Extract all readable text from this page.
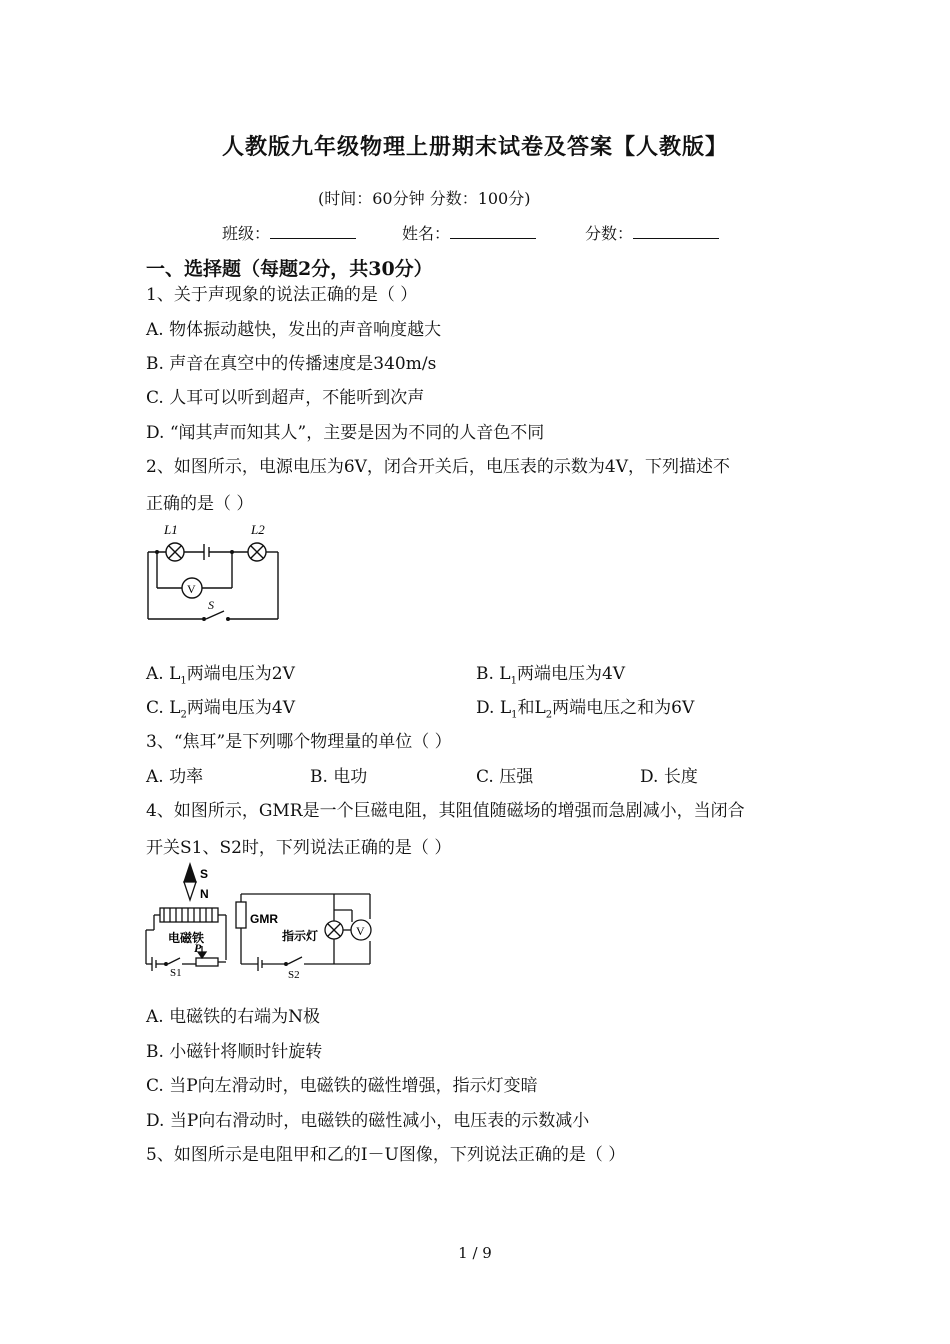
人教版九年级物理上册期末试卷及答案【人教版】
(时间：60分钟 分数：100分)
班级：	姓名：	分数：
一、选择题（每题2分，共30分）
1、关于声现象的说法正确的是（ ）
A. 物体振动越快，发出的声音响度越大
B. 声音在真空中的传播速度是340m/s
C. 人耳可以听到超声，不能听到次声
D. “闻其声而知其人”，主要是因为不同的人音色不同
2、如图所示，电源电压为6V，闭合开关后，电压表的示数为4V，下列描述不
正确的是（ ）
L1	L2
V
S
A. $L_1$两端电压为2V	B. $L_1$两端电压为4V
C. $L_2$两端电压为4V	D. $L_1$和$L_2$两端电压之和为6V
3、“焦耳”是下列哪个物理量的单位（ ）
A. 功率	B. 电功	C. 压强	D. 长度
4、如图所示，GMR是一个巨磁电阻，其阻值随磁场的增强而急剧减小，当闭合
开关S1、S2时，下列说法正确的是（ ）
S
N
电磁铁
P
S1
GMR
指示灯	V
S2
A. 电磁铁的右端为N极
B. 小磁针将顺时针旋转
C. 当P向左滑动时，电磁铁的磁性增强，指示灯变暗
D. 当P向右滑动时，电磁铁的磁性减小，电压表的示数减小
5、如图所示是电阻甲和乙的I－U图像，下列说法正确的是（ ）
1 / 9
